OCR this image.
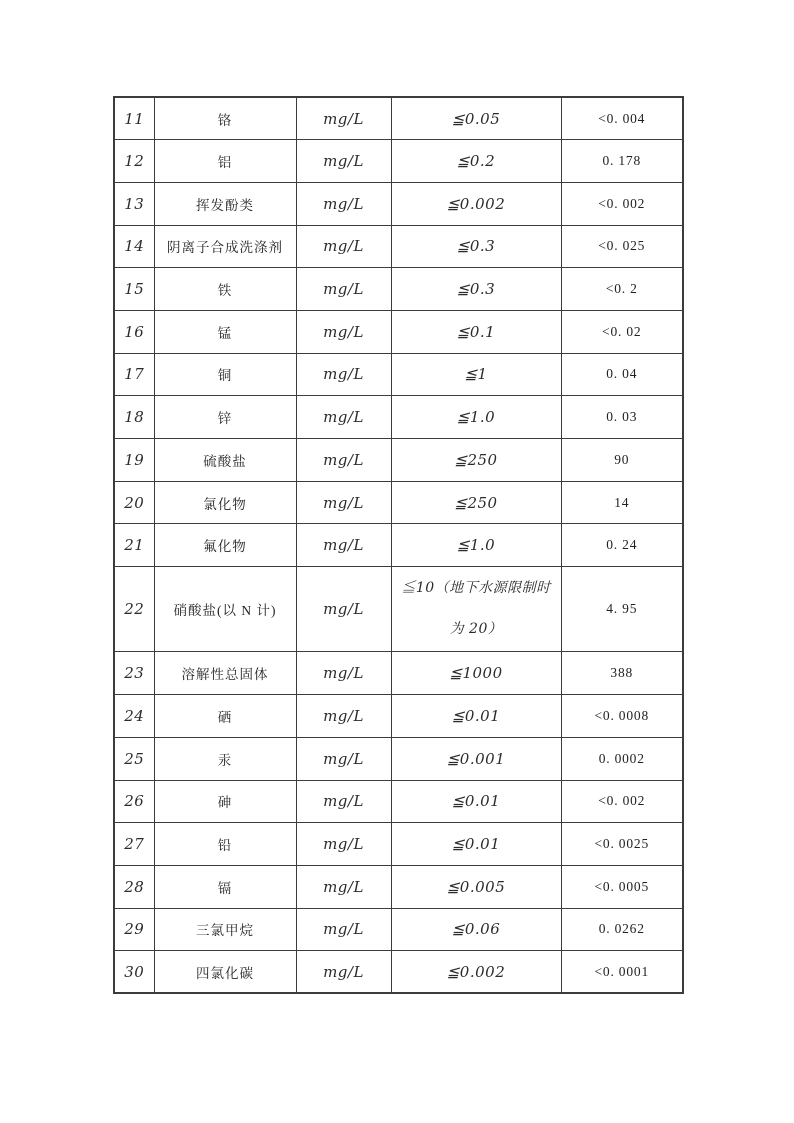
11	铬	mg/L	≦0.05	<0. 004
12	铝	mg/L	≦0.2	0. 178
13	挥发酚类	mg/L	≦0.002	<0. 002
14	阴离子合成洗涤剂	mg/L	≦0.3	<0. 025
15	铁	mg/L	≦0.3	<0. 2
16	锰	mg/L	≦0.1	<0. 02
17	铜	mg/L	≦1	0. 04
18	锌	mg/L	≦1.0	0. 03
19	硫酸盐	mg/L	≦250	90
20	氯化物	mg/L	≦250	14
21	氟化物	mg/L	≦1.0	0. 24
22	硝酸盐(以 N 计)	mg/L	≦10（地下水源限制时为 20）	4. 95
23	溶解性总固体	mg/L	≦1000	388
24	硒	mg/L	≦0.01	<0. 0008
25	汞	mg/L	≦0.001	0. 0002
26	砷	mg/L	≦0.01	<0. 002
27	铅	mg/L	≦0.01	<0. 0025
28	镉	mg/L	≦0.005	<0. 0005
29	三氯甲烷	mg/L	≦0.06	0. 0262
30	四氯化碳	mg/L	≦0.002	<0. 0001
